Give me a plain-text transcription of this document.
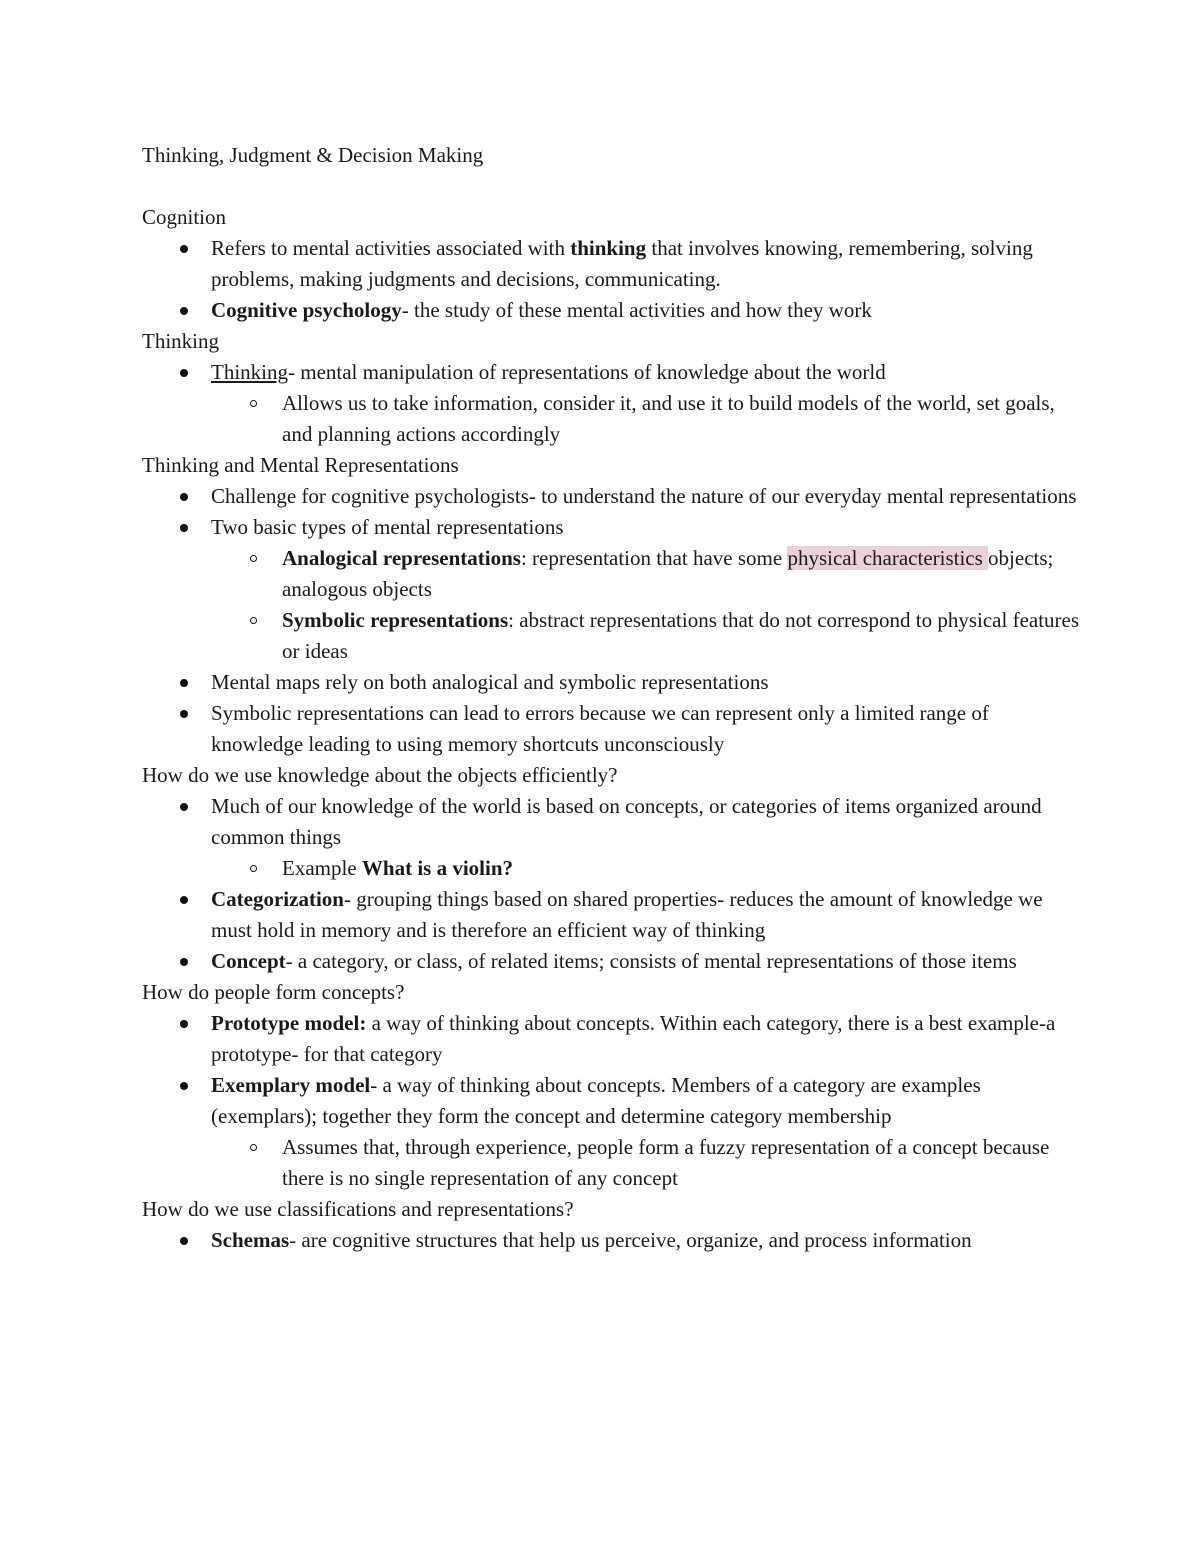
Thinking, Judgment & Decision Making
Cognition
Refers to mental activities associated with thinking that involves knowing, remembering, solving problems, making judgments and decisions, communicating.
Cognitive psychology- the study of these mental activities and how they work
Thinking
Thinking- mental manipulation of representations of knowledge about the world
Allows us to take information, consider it, and use it to build models of the world, set goals, and planning actions accordingly
Thinking and Mental Representations
Challenge for cognitive psychologists- to understand the nature of our everyday mental representations
Two basic types of mental representations
Analogical representations: representation that have some physical characteristics objects; analogous objects
Symbolic representations: abstract representations that do not correspond to physical features or ideas
Mental maps rely on both analogical and symbolic representations
Symbolic representations can lead to errors because we can represent only a limited range of knowledge leading to using memory shortcuts unconsciously
How do we use knowledge about the objects efficiently?
Much of our knowledge of the world is based on concepts, or categories of items organized around common things
Example What is a violin?
Categorization- grouping things based on shared properties- reduces the amount of knowledge we must hold in memory and is therefore an efficient way of thinking
Concept- a category, or class, of related items; consists of mental representations of those items
How do people form concepts?
Prototype model: a way of thinking about concepts. Within each category, there is a best example-a prototype- for that category
Exemplary model- a way of thinking about concepts. Members of a category are examples (exemplars); together they form the concept and determine category membership
Assumes that, through experience, people form a fuzzy representation of a concept because there is no single representation of any concept
How do we use classifications and representations?
Schemas- are cognitive structures that help us perceive, organize, and process information
